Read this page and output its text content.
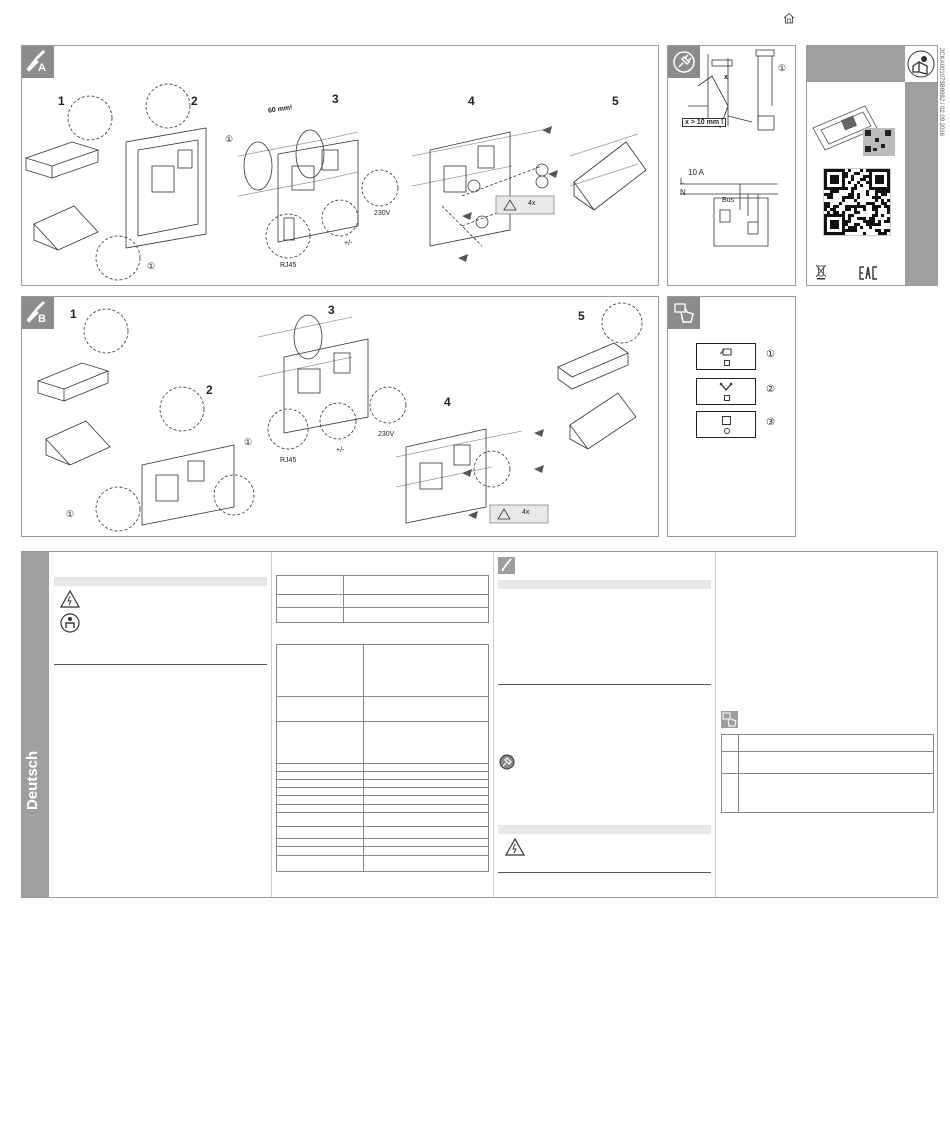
2CKA001073B8982 / 02.09.2016
A
1	2	3	4	5
①
①
60 mm!
RJ45
+/-
230V
4x
x
①
x > 10 mm !
10 A
L
N
Bus
B 1
2
3
4
5
①
①
RJ45
+/-
230V
4x
①
②
③
